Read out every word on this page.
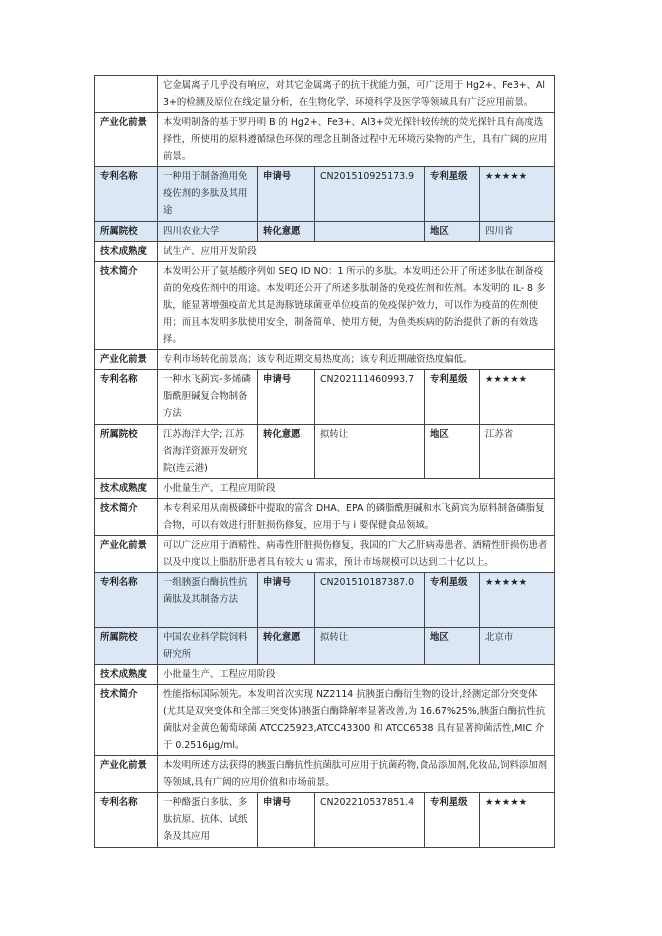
	它金属离子几乎没有响应，对其它金属离子的抗干扰能力强，可广泛用于 Hg2+、Fe3+、Al3+的检测及原位在线定量分析，在生物化学、环境科学及医学等领域具有广泛应用前景。				
产业化前景	本发明制备的基于罗丹明 B 的 Hg2+、Fe3+、Al3+荧光探针较传统的荧光探针具有高度选择性，所使用的原料遵循绿色环保的理念且制备过程中无环境污染物的产生，具有广阔的应用前景。				
专利名称	一种用于制备渔用免疫佐剂的多肽及其用途	申请号	CN201510925173.9	专利星级	★★★★★
所属院校	四川农业大学	转化意愿		地区	四川省
技术成熟度	试生产、应用开发阶段				
技术简介	本发明公开了氨基酸序列如 SEQ ID NO：1 所示的多肽。本发明还公开了所述多肽在制备疫苗的免疫佐剂中的用途。本发明还公开了所述多肽制备的免疫佐剂和佐剂。本发明的 IL- 8 多肽，能显著增强疫苗尤其是海豚链球菌亚单位疫苗的免疫保护效力，可以作为疫苗的佐剂使用；而且本发明多肽使用安全，制备简单、使用方便，为鱼类疾病的防治提供了新的有效选择。				
产业化前景	专利市场转化前景高；该专利近期交易热度高；该专利近期融资热度偏低。				
专利名称	一种水飞蓟宾-多烯磷脂酰胆碱复合物制备方法	申请号	CN202111460993.7	专利星级	★★★★★
所属院校	江苏海洋大学; 江苏省海洋资源开发研究院(连云港)	转化意愿	拟转让	地区	江苏省
技术成熟度	小批量生产、工程应用阶段				
技术简介	本专利采用从南极磷虾中提取的富含 DHA、EPA 的磷脂酰胆碱和水飞蓟宾为原料制备磷脂复合物，可以有效进行肝脏损伤修复，应用于与 i 要保健食品领域。				
产业化前景	可以广泛应用于酒精性、病毒性肝脏损伤修复，我国的广大乙肝病毒患者、酒精性肝损伤患者以及中度以上脂肪肝患者具有较大 u 需求，预计市场规模可以达到二十亿以上。				
专利名称	一组胰蛋白酶抗性抗菌肽及其制备方法	申请号	CN201510187387.0	专利星级	★★★★★
所属院校	中国农业科学院饲料研究所	转化意愿	拟转让	地区	北京市
技术成熟度	小批量生产、工程应用阶段				
技术简介	性能指标国际领先。本发明首次实现 NZ2114 抗胰蛋白酶衍生物的设计,经测定部分突变体(尤其是双突变体和全部三突变体)胰蛋白酶降解率显著改善,为 16.67%25%,胰蛋白酶抗性抗菌肽对金黄色葡萄球菌 ATCC25923,ATCC43300 和 ATCC6538 具有显著抑菌活性,MIC 介于 0.2516μg/ml。				
产业化前景	本发明所述方法获得的胰蛋白酶抗性抗菌肽可应用于抗菌药物,食品添加剂,化妆品,饲料添加剂等领域,具有广阔的应用价值和市场前景。				
专利名称	一种酪蛋白多肽、多肽抗原、抗体、试纸条及其应用	申请号	CN202210537851.4	专利星级	★★★★★
